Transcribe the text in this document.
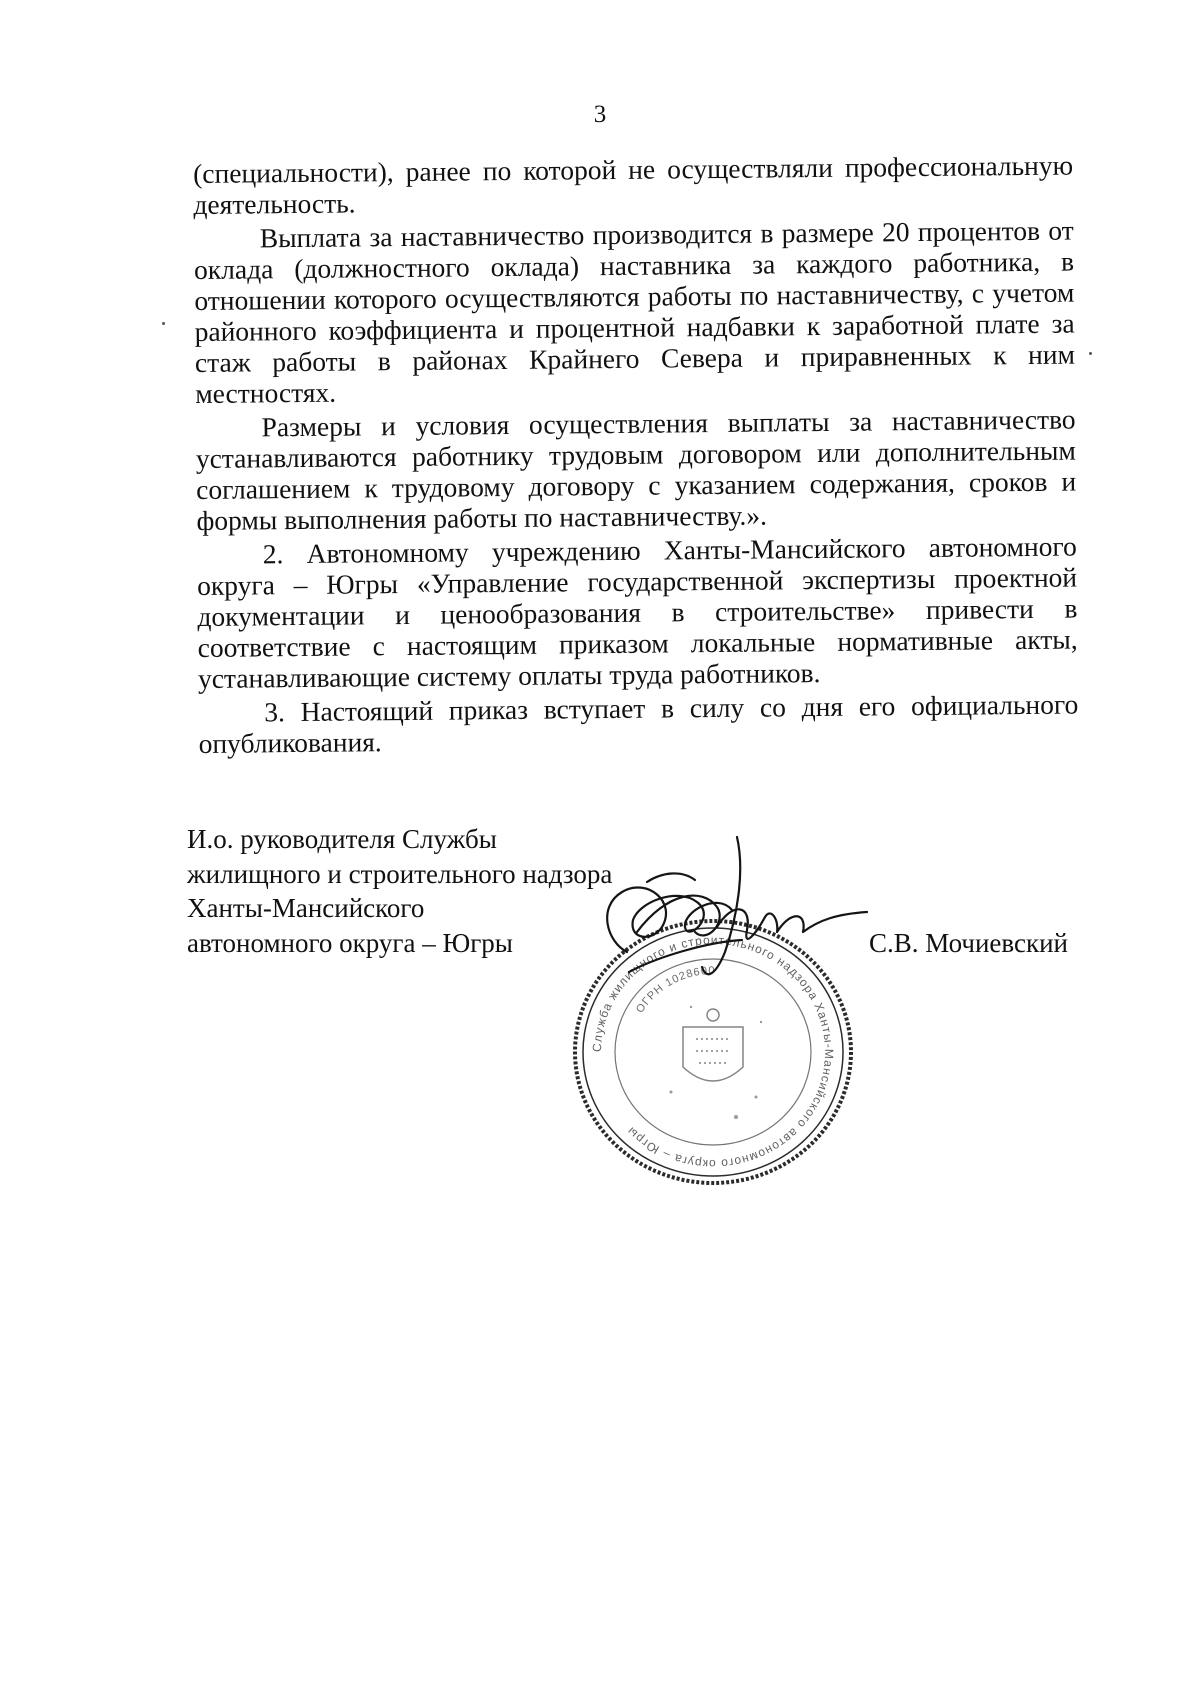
3

(специальности), ранее по которой не осуществляли профессиональную деятельность.

Выплата за наставничество производится в размере 20 процентов от оклада (должностного оклада) наставника за каждого работника, в отношении которого осуществляются работы по наставничеству, с учетом районного коэффициента и процентной надбавки к заработной плате за стаж работы в районах Крайнего Севера и приравненных к ним местностях.

Размеры и условия осуществления выплаты за наставничество устанавливаются работнику трудовым договором или дополнительным соглашением к трудовому договору с указанием содержания, сроков и формы выполнения работы по наставничеству.».

2. Автономному учреждению Ханты-Мансийского автономного округа – Югры «Управление государственной экспертизы проектной документации и ценообразования в строительстве» привести в соответствие с настоящим приказом локальные нормативные акты, устанавливающие систему оплаты труда работников.

3. Настоящий приказ вступает в силу со дня его официального опубликования.

И.о. руководителя Службы
жилищного и строительного надзора
Ханты-Мансийского
автономного округа – Югры
Служба жилищного и строительного надзора Ханты-Мансийского автономного округа – Югры
ОГРН 1028600
С.В. Мочиевский
